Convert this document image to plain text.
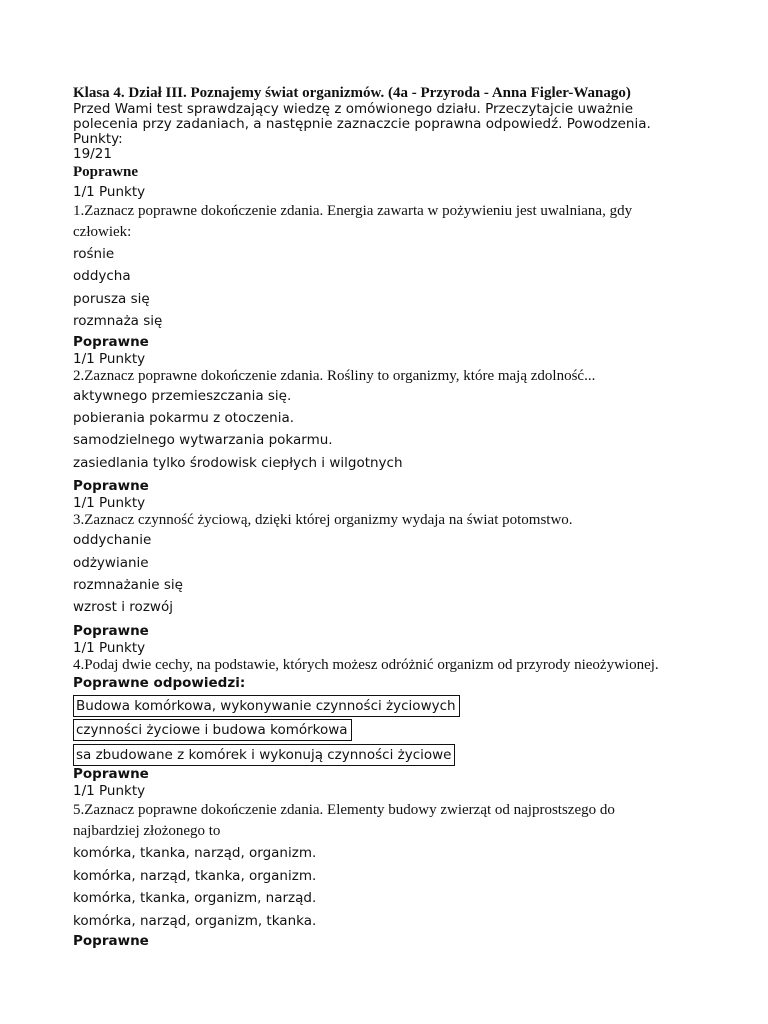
Klasa 4. Dział III. Poznajemy świat organizmów. (4a - Przyroda - Anna Figler-Wanago)
Przed Wami test sprawdzający wiedzę z omówionego działu. Przeczytajcie uważnie polecenia przy zadaniach, a następnie zaznaczcie poprawna odpowiedź. Powodzenia.
Punkty:
19/21
Poprawne
1/1 Punkty
1.Zaznacz poprawne dokończenie zdania. Energia zawarta w pożywieniu jest uwalniana, gdy człowiek:
rośnie
oddycha
porusza się
rozmnaża się
Poprawne
1/1 Punkty
2.Zaznacz poprawne dokończenie zdania. Rośliny to organizmy, które mają zdolność...
aktywnego przemieszczania się.
pobierania pokarmu z otoczenia.
samodzielnego wytwarzania pokarmu.
zasiedlania tylko środowisk ciepłych i wilgotnych
Poprawne
1/1 Punkty
3.Zaznacz czynność życiową, dzięki której organizmy wydaja na świat potomstwo.
oddychanie
odżywianie
rozmnażanie się
wzrost i rozwój
Poprawne
1/1 Punkty
4.Podaj dwie cechy, na podstawie, których możesz odróżnić organizm od przyrody nieożywionej.
Poprawne odpowiedzi:
Budowa komórkowa, wykonywanie czynności życiowych
czynności życiowe i budowa komórkowa
sa zbudowane z komórek i wykonują czynności życiowe
Poprawne
1/1 Punkty
5.Zaznacz poprawne dokończenie zdania. Elementy budowy zwierząt od najprostszego do najbardziej złożonego to
komórka, tkanka, narząd, organizm.
komórka, narząd, tkanka, organizm.
komórka, tkanka, organizm, narząd.
komórka, narząd, organizm, tkanka.
Poprawne
